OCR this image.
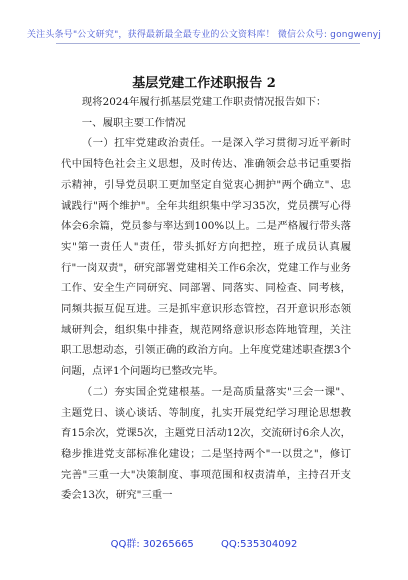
关注头条号"公文研究"，获得最新最全最专业的公文资料库！ 微信公众号: gongwenyj
基层党建工作述职报告 2

现将2024年履行抓基层党建工作职责情况报告如下：

一、履职主要工作情况

（一）扛牢党建政治责任。一是深入学习贯彻习近平新时代中国特色社会主义思想，及时传达、准确领会总书记重要指示精神，引导党员职工更加坚定自觉衷心拥护"两个确立"、忠诚践行"两个维护"。全年共组织集中学习35次，党员撰写心得体会6余篇，党员参与率达到100%以上。二是严格履行带头落实"第一责任人"责任，带头抓好方向把控，班子成员认真履行"一岗双责"，研究部署党建相关工作6余次，党建工作与业务工作、安全生产同研究、同部署、同落实、同检查、同考核，同频共振互促互进。三是抓牢意识形态管控，召开意识形态领域研判会，组织集中排查，规范网络意识形态阵地管理，关注职工思想动态，引领正确的政治方向。上年度党建述职查摆3个问题，点评1个问题均已整改完毕。

（二）夯实国企党建根基。一是高质量落实"三会一课"、主题党日、谈心谈话、等制度，扎实开展党纪学习理论思想教育15余次，党课5次，主题党日活动12次，交流研讨6余人次，稳步推进党支部标准化建设；二是坚持两个"一以贯之"，修订完善"三重一大"决策制度、事项范围和权责清单，主持召开支委会13次，研究"三重一

QQ群: 30265665	QQ:535304092
